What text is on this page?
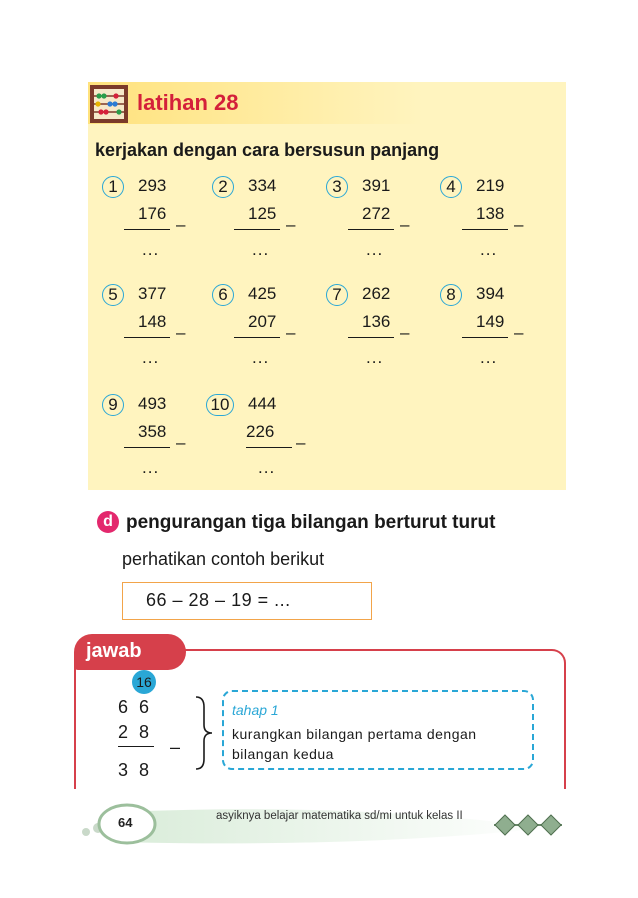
latihan 28
kerjakan dengan cara bersusun panjang
1	293
176
–
...
2	334
125
–
...
3	391
272
–
...
4	219
138
–
...
5	377
148
–
...
6	425
207
–
...
7	262
136
–
...
8	394
149
–
...
9	493
358
–
...
10 444
226
–
...
d pengurangan tiga bilangan berturut turut
perhatikan contoh berikut
66 – 28 – 19 = ...
jawab
16
6 6
2 8
–
3 8
tahap 1
kurangkan bilangan pertama dengan bilangan kedua
64	asyiknya belajar matematika sd/mi untuk kelas II
